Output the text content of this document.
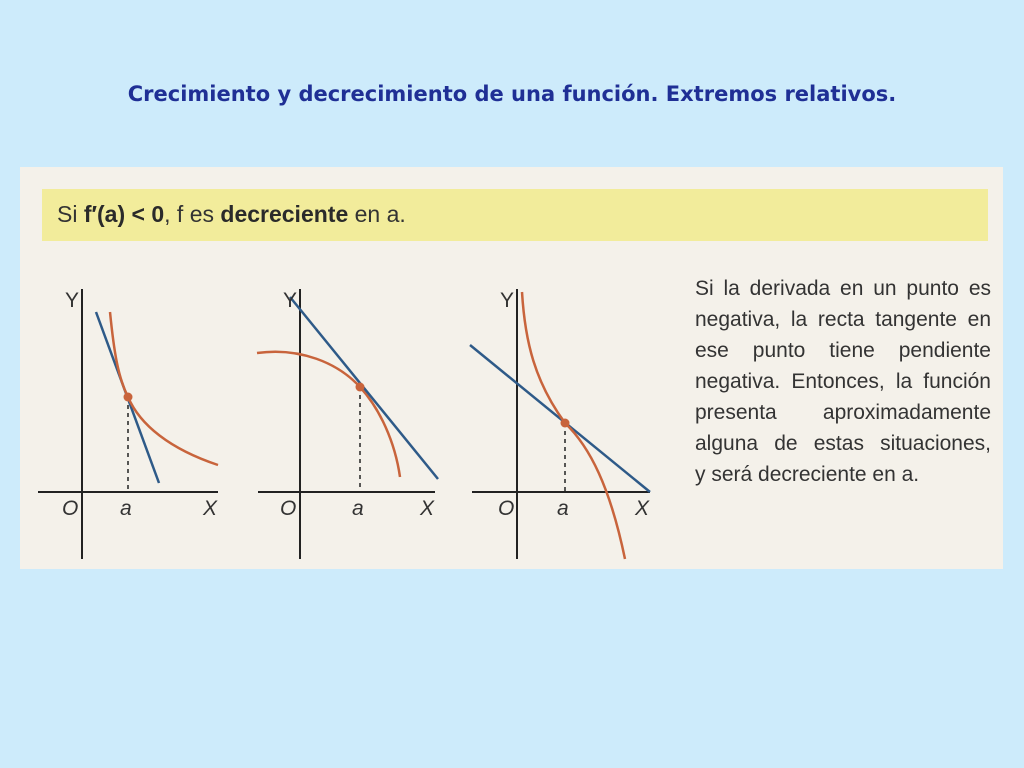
Crecimiento y decrecimiento de una función. Extremos relativos.
Si f′(a) < 0, f es decreciente en a.
Y
O a	X
Y
O	a	X
Y
O a	X
Si la derivada en un punto es
negativa, la recta tangente en
ese punto tiene pendiente
negativa. Entonces, la función
presenta aproximadamente
alguna de estas situaciones,
y será decreciente en a.
